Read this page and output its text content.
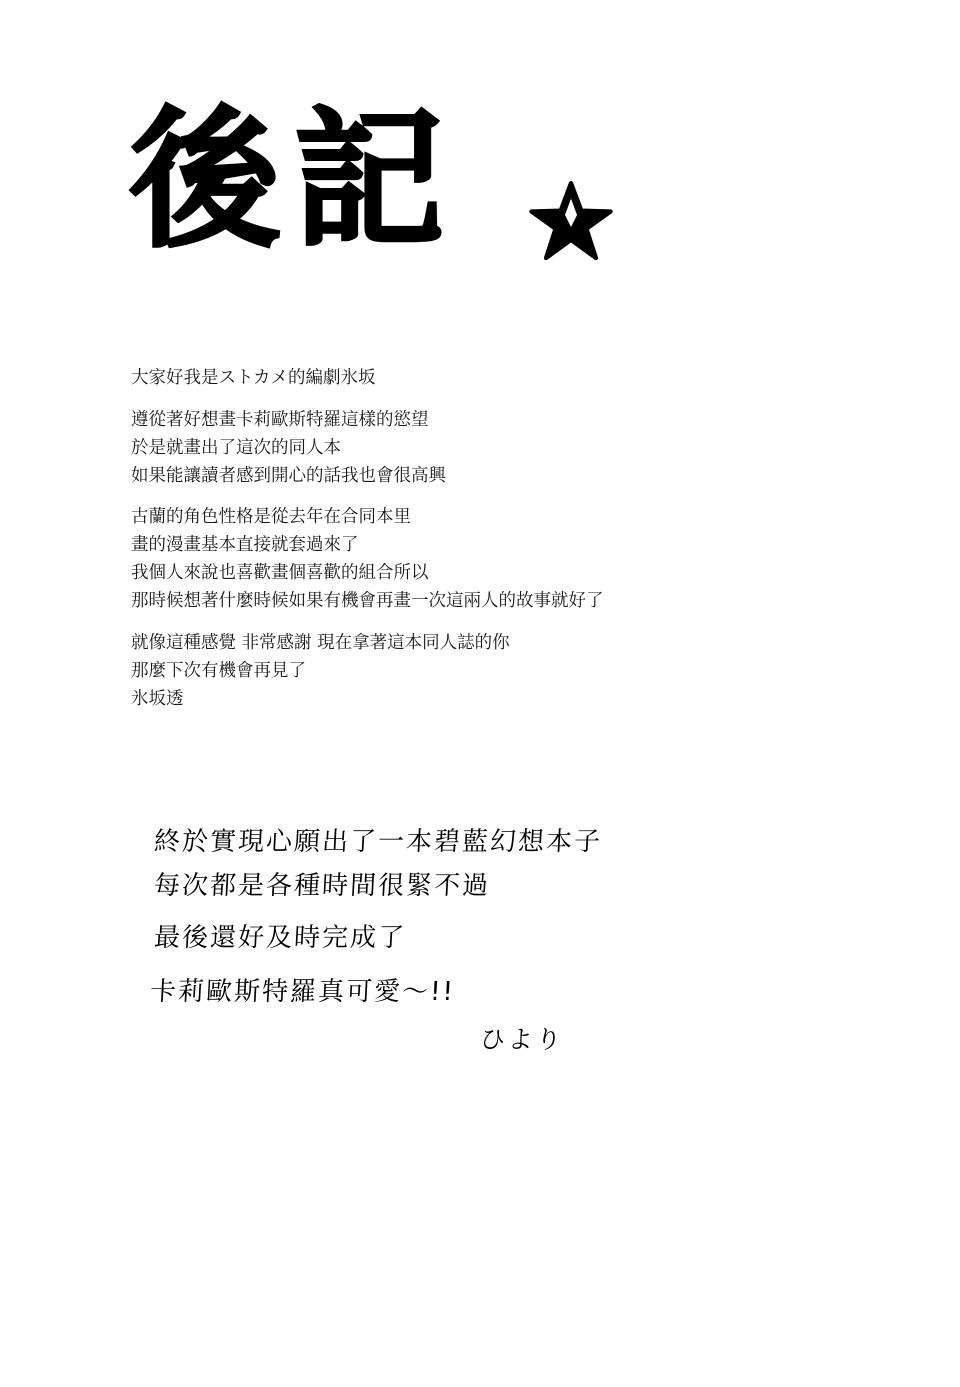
後記
大家好我是ストカメ的編劇氷坂
遵從著好想畫卡莉歐斯特羅這樣的慾望
於是就畫出了這次的同人本
如果能讓讀者感到開心的話我也會很高興
古蘭的角色性格是從去年在合同本里
畫的漫畫基本直接就套過來了
我個人來說也喜歡畫個喜歡的組合所以
那時候想著什麼時候如果有機會再畫一次這兩人的故事就好了
就像這種感覺 非常感謝 現在拿著這本同人誌的你
那麼下次有機會再見了
氷坂透
終於實現心願出了一本碧藍幻想本子
每次都是各種時間很緊不過
最後還好及時完成了
卡莉歐斯特羅真可愛〜!!
ひより
